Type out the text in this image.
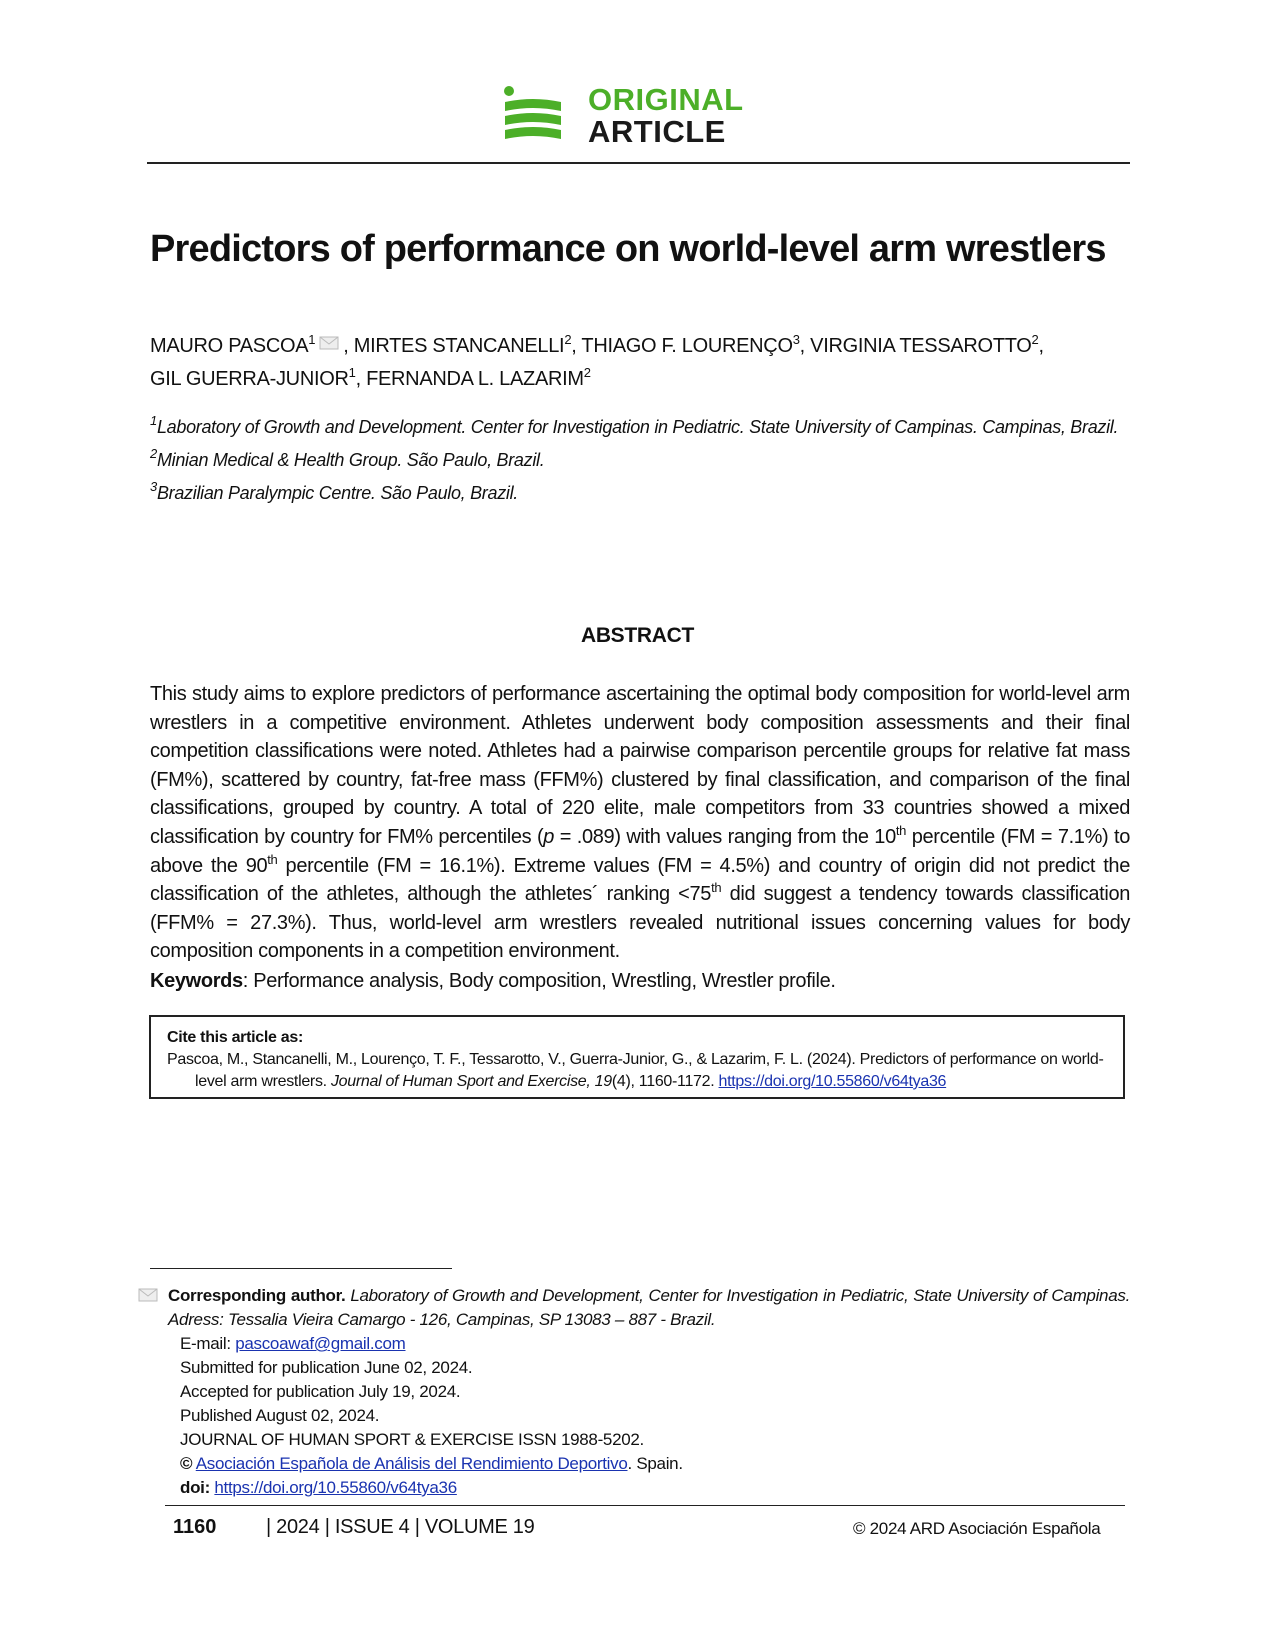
ORIGINAL
ARTICLE
Predictors of performance on world-level arm wrestlers
MAURO PASCOA$^1$ , MIRTES STANCANELLI$^2$, THIAGO F. LOURENÇO$^3$, VIRGINIA TESSAROTTO$^2$,
GIL GUERRA-JUNIOR$^1$, FERNANDA L. LAZARIM$^2$

$^1$Laboratory of Growth and Development. Center for Investigation in Pediatric. State University of Campinas. Campinas, Brazil.

$^2$Minian Medical & Health Group. São Paulo, Brazil.

$^3$Brazilian Paralympic Centre. São Paulo, Brazil.

ABSTRACT

This study aims to explore predictors of performance ascertaining the optimal body composition for world-level arm wrestlers in a competitive environment. Athletes underwent body composition assessments and their final competition classifications were noted. Athletes had a pairwise comparison percentile groups for relative fat mass (FM%), scattered by country, fat-free mass (FFM%) clustered by final classification, and comparison of the final classifications, grouped by country. A total of 220 elite, male competitors from 33 countries showed a mixed classification by country for FM% percentiles (p = .089) with values ranging from the 10th percentile (FM = 7.1%) to above the 90th percentile (FM = 16.1%). Extreme values (FM = 4.5%) and country of origin did not predict the classification of the athletes, although the athletes´ ranking <75th did suggest a tendency towards classification (FFM% = 27.3%). Thus, world-level arm wrestlers revealed nutritional issues concerning values for body composition components in a competition environment.

Keywords: Performance analysis, Body composition, Wrestling, Wrestler profile.
Cite this article as:
Pascoa, M., Stancanelli, M., Lourenço, T. F., Tessarotto, V., Guerra-Junior, G., & Lazarim, F. L. (2024). Predictors of performance on world-level arm wrestlers. Journal of Human Sport and Exercise, 19(4), 1160-1172. https://doi.org/10.55860/v64tya36
Corresponding author. Laboratory of Growth and Development, Center for Investigation in Pediatric, State University of Campinas. Adress: Tessalia Vieira Camargo - 126, Campinas, SP 13083 – 887 - Brazil.
E-mail: pascoawaf@gmail.com
Submitted for publication June 02, 2024.
Accepted for publication July 19, 2024.
Published August 02, 2024.
JOURNAL OF HUMAN SPORT & EXERCISE ISSN 1988-5202.
© Asociación Española de Análisis del Rendimiento Deportivo. Spain.
doi: https://doi.org/10.55860/v64tya36
1160 | 2024 | ISSUE 4 | VOLUME 19	© 2024 ARD Asociación Española
